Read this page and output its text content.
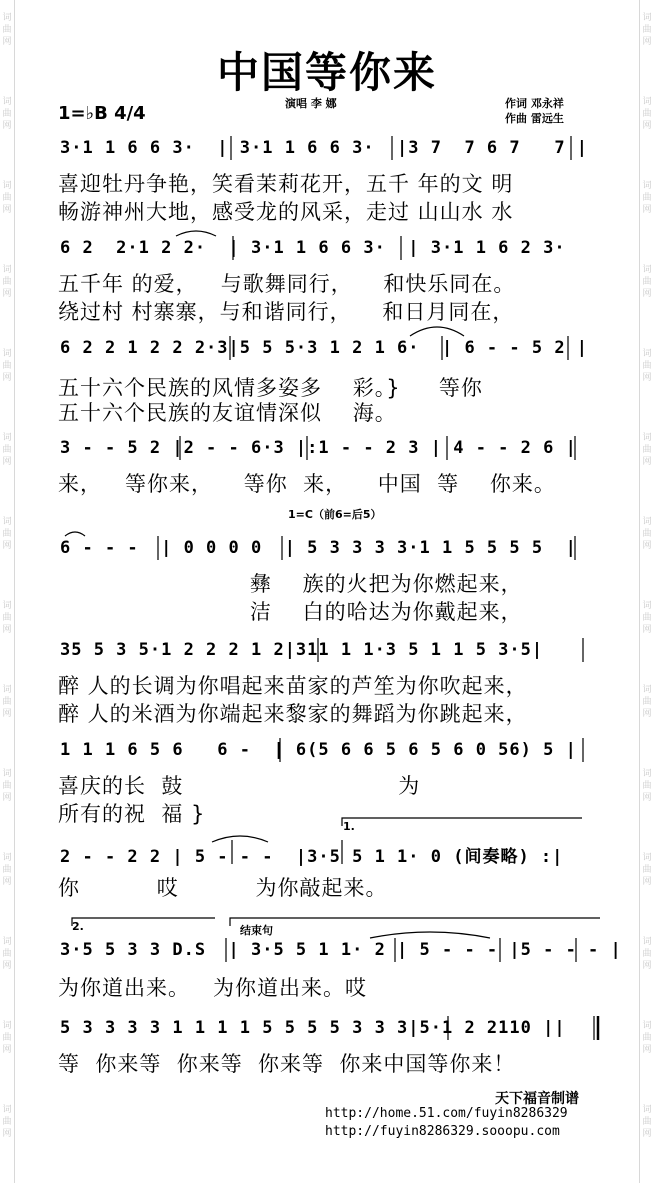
词
曲
网
词
曲
网
词
曲
网
词
曲
网
词
曲
网
词
曲
网
词
曲
网
词
曲
网
词
曲
网
词
曲
网
词
曲
网
词
曲
网
词
曲
网
词
曲
网
词
曲
网
词
曲
网
词
曲
网
词
曲
网
词
曲
网
词
曲
网
词
曲
网
词
曲
网
词
曲
网
词
曲
网
词
曲
网
词
曲
网
词
曲
网
词
曲
网
中国等你来
1=♭B 4/4	演唱 李 娜	作词 邓永祥
作曲 雷远生
3·1 1 6 6 3·  | 3·1 1 6 6 3·  |3 7  7 6 7   7 |
喜迎牡丹争艳，笑看茉莉花开，五千 年的文 明
畅游神州大地，感受龙的风采，走过 山山水 水
6 2  2·1 2 2·  | 3·1 1 6 6 3·  | 3·1 1 6 2 3·
五千年 的爱，   与歌舞同行，    和快乐同在。
绕过村 村寨寨，与和谐同行，    和日月同在，
6 2 2 1 2 2 2·3|5 5 5·3 1 2 1 6·  | 6 - - 5 2 |
五十六个民族的风情多姿多    彩。}     等你
五十六个民族的友谊情深似    海。
3 - - 5 2 |2 - - 6·3 |:1 - - 2 3 | 4 - - 2 6 |
来，   等你来，    等你  来，    中国  等    你来。
1=C（前6=后5）
6 - - -  | 0 0 0 0  | 5 3 3 3 3·1 1 5 5 5 5  |
彝    族的火把为你燃起来，
洁    白的哈达为你戴起来，
35 5 3 5·1 2 2 2 1 2|311 1 1·3 5 1 1 5 3·5|
醉 人的长调为你唱起来苗家的芦笙为你吹起来，
醉 人的米酒为你端起来黎家的舞蹈为你跳起来，
1 1 1 6 5 6   6 -  | 6(5 6 6 5 6 5 6 0 56) 5 |
喜庆的长  鼓                            为
所有的祝  福 }
1.
2 - - 2 2 | 5 - - -  |3·5 5 1 1· 0 (间奏略) :|
你          哎          为你敲起来。
2.	结束句
3·5 5 3 3 D.S  | 3·5 5 1 1· 2 | 5 - - - |5 - - - |
为你道出来。   为你道出来。哎
5 3 3 3 3 1 1 1 1 5 5 5 5 3 3 3|5·1 2 2110 ||
等  你来等  你来等  你来等  你来中国等你来！
天下福音制谱
http://home.51.com/fuyin8286329
http://fuyin8286329.sooopu.com
